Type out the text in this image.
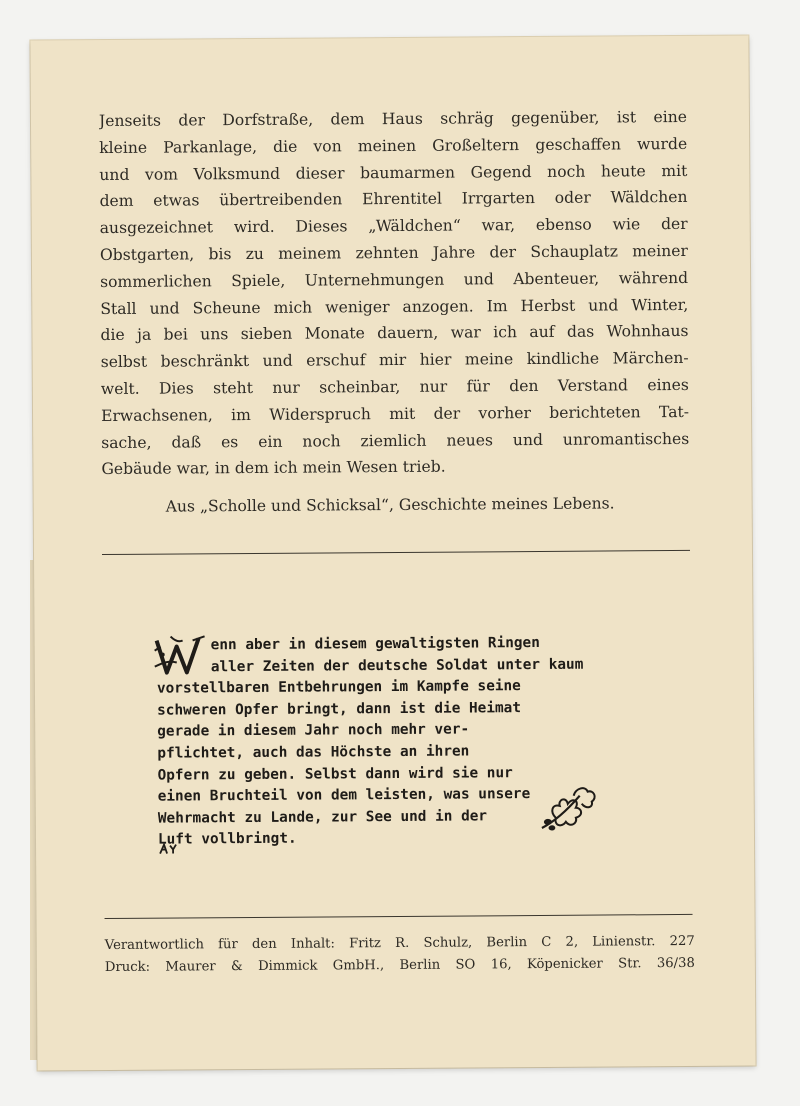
Jenseits der Dorfstraße, dem Haus schräg gegenüber, ist eine
kleine Parkanlage, die von meinen Großeltern geschaffen wurde
und vom Volksmund dieser baumarmen Gegend noch heute mit
dem etwas übertreibenden Ehrentitel Irrgarten oder Wäldchen
ausgezeichnet wird. Dieses „Wäldchen“ war, ebenso wie der
Obstgarten, bis zu meinem zehnten Jahre der Schauplatz meiner
sommerlichen Spiele, Unternehmungen und Abenteuer, während
Stall und Scheune mich weniger anzogen. Im Herbst und Winter,
die ja bei uns sieben Monate dauern, war ich auf das Wohnhaus
selbst beschränkt und erschuf mir hier meine kindliche Märchen-
welt. Dies steht nur scheinbar, nur für den Verstand eines
Erwachsenen, im Widerspruch mit der vorher berichteten Tat-
sache, daß es ein noch ziemlich neues und unromantisches
Gebäude war, in dem ich mein Wesen trieb.
Aus „Scholle und Schicksal“, Geschichte meines Lebens.
enn aber in diesem gewaltigsten Ringen
aller Zeiten der deutsche Soldat unter kaum
vorstellbaren Entbehrungen im Kampfe seine
schweren Opfer bringt, dann ist die Heimat
gerade in diesem Jahr noch mehr ver-
pflichtet, auch das Höchste an ihren
Opfern zu geben. Selbst dann wird sie nur
einen Bruchteil von dem leisten, was unsere
Wehrmacht zu Lande, zur See und in der
Luft vollbringt.
Verantwortlich für den Inhalt: Fritz R. Schulz, Berlin C 2, Linienstr. 227
Druck: Maurer & Dimmick GmbH., Berlin SO 16, Köpenicker Str. 36/38
